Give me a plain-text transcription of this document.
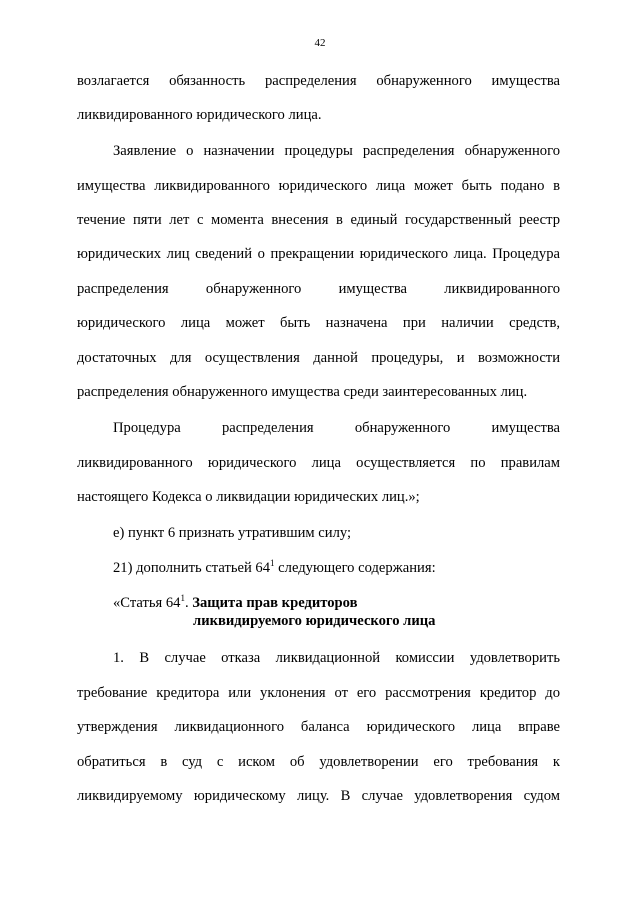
42
возлагается обязанность распределения обнаруженного имущества
ликвидированного юридического лица.
Заявление о назначении процедуры распределения обнаруженного
имущества ликвидированного юридического лица может быть подано в
течение пяти лет с момента внесения в единый государственный реестр
юридических лиц сведений о прекращении юридического лица. Процедура
распределения обнаруженного имущества ликвидированного
юридического лица может быть назначена при наличии средств,
достаточных для осуществления данной процедуры, и возможности
распределения обнаруженного имущества среди заинтересованных лиц.
Процедура распределения обнаруженного имущества
ликвидированного юридического лица осуществляется по правилам
настоящего Кодекса о ликвидации юридических лиц.»;
е) пункт 6 признать утратившим силу;
21) дополнить статьей $64^1$ следующего содержания:
«Статья $64^1$. Защита прав кредиторов
ликвидируемого юридического лица
1. В случае отказа ликвидационной комиссии удовлетворить
требование кредитора или уклонения от его рассмотрения кредитор до
утверждения ликвидационного баланса юридического лица вправе
обратиться в суд с иском об удовлетворении его требования к
ликвидируемому юридическому лицу. В случае удовлетворения судом
